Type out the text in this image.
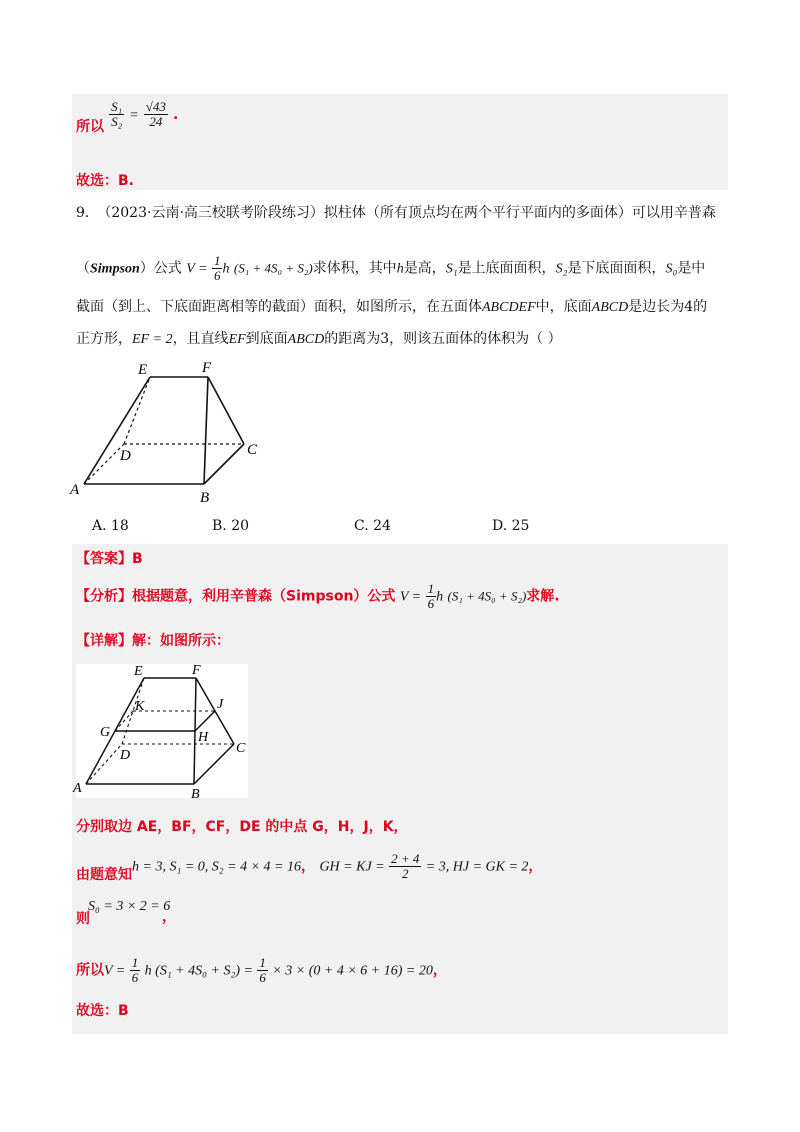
所以 $\frac{\text{S₁}}{\text{S₂}} = \frac{√43}{24}$ .
故选：B.
9. （2023·云南·高三校联考阶段练习）拟柱体（所有顶点均在两个平行平面内的多面体）可以用辛普森
（Simpson）公式 $V = \frac{1}{6}$ h (S₁ + 4S₀ + S₂)求体积，其中h是高，S₁是上底面面积，S₂是下底面面积，S₀是中
截面（到上、下底面距离相等的截面）面积，如图所示，在五面体ABCDEF中，底面ABCD是边长为4的
正方形，EF = 2，且直线EF到底面ABCD的距离为3，则该五面体的体积为（ ）
E	F
D	C
A	B
A. 18	B. 20	C. 24	D. 25
【答案】B
【分析】根据题意，利用辛普森（Simpson）公式 $V = \frac{1}{6}$ h (S₁ + 4S₀ + S₂)求解.
【详解】解：如图所示：
E	F
K	J
G	H
D	C
A	B
分别取边 AE，BF，CF，DE 的中点 G，H，J，K，
由题意知h = 3, S₁ = 0, S₂ = 4 × 4 = 16， GH = KJ = $\frac{2 + 4}{2} = 3$, HJ = GK = 2，
S₀ = 3 × 2 = 6
则	，
所以$V = \frac{1}{6}$ h $(S_1 + 4S_0 + S_2) = \frac{1}{6} \times 3 \times (0 + 4 \times 6 + 16) = 20$，
故选：B
